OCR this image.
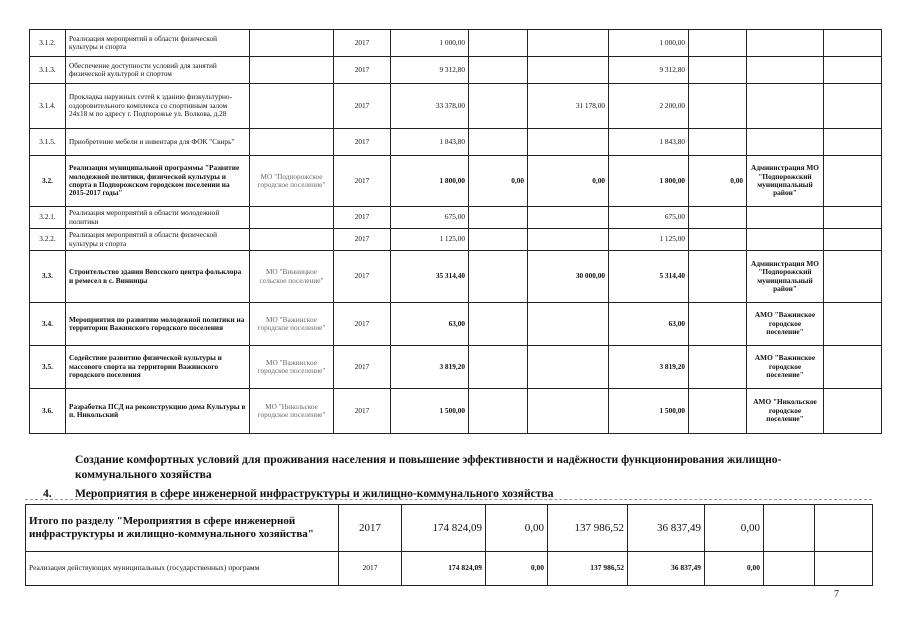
3.1.2.	Реализация мероприятий в области физической культуры и спорта		2017	1 000,00			1 000,00			
3.1.3.	Обеспечение доступности условий для занятий физической культурой и спортом		2017	9 312,80			9 312,80			
3.1.4.	Прокладка наружных сетей к зданию физкультурно-оздоровительного комплекса со спортивным залом 24х18 м по адресу г. Подпорожье ул. Волкова, д.28		2017	33 378,00		31 178,00	2 200,00			
3.1.5.	Приобретение мебели и инвентаря для ФОК "Свирь"		2017	1 843,80			1 843,80			
3.2.	Реализация муниципальной программы "Развитие молодежной политики, физической культуры и спорта в Подпорожском городском поселении на 2015-2017 годы"	МО "Подпорожское городское поселение"	2017	1 800,00	0,00	0,00	1 800,00	0,00	Администрация МО "Подпорожский муниципальный район"	
3.2.1.	Реализация мероприятий в области молодежной политики		2017	675,00			675,00			
3.2.2.	Реализация мероприятий в области физической культуры и спорта		2017	1 125,00			1 125,00			
3.3.	Строительство здания Вепсского центра фольклора и ремесел в с. Винницы	МО "Винницкое сельское поселение"	2017	35 314,40		30 000,00	5 314,40		Администрация МО "Подпорожский муниципальный район"	
3.4.	Мероприятия по развитию молодежной политики на территории Важинского городского поселения	МО "Важинское городское поселение"	2017	63,00			63,00		АМО "Важинское городское поселение"	
3.5.	Содействие развитию физической культуры и массового спорта на территории Важинского городского поселения	МО "Важинское городское поселение"	2017	3 819,20			3 819,20		АМО "Важинское городское поселение"	
3.6.	Разработка ПСД на реконструкцию дома Культуры в п. Никольский	МО "Никольское городское поселение"	2017	1 500,00			1 500,00		АМО "Никольское городское поселение"	
Создание комфортных условий для проживания населения и повышение эффективности и надёжности функционирования жилищно-коммунального хозяйства
4. Мероприятия в сфере инженерной инфраструктуры и жилищно-коммунального хозяйства
Итого по разделу "Мероприятия в сфере инженерной инфраструктуры и жилищно-коммунального хозяйства"	2017	174 824,09	0,00	137 986,52	36 837,49	0,00		
Реализация действующих муниципальных (государственных) программ	2017	174 824,09	0,00	137 986,52	36 837,49	0,00		
7
